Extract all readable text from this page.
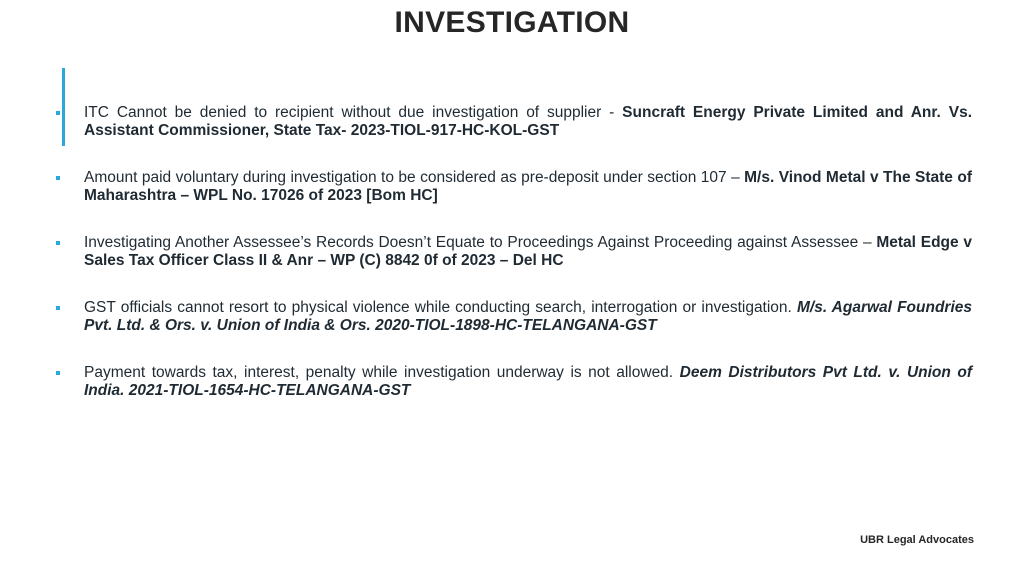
INVESTIGATION
ITC Cannot be denied to recipient without due investigation of supplier - Suncraft Energy Private Limited and Anr. Vs. Assistant Commissioner, State Tax- 2023-TIOL-917-HC-KOL-GST
Amount paid voluntary during investigation to be considered as pre-deposit under section 107 – M/s. Vinod Metal v The State of Maharashtra – WPL No. 17026 of 2023 [Bom HC]
Investigating Another Assessee’s Records Doesn’t Equate to Proceedings Against Proceeding against Assessee – Metal Edge v Sales Tax Officer Class II & Anr – WP (C) 8842 0f of 2023 – Del HC
GST officials cannot resort to physical violence while conducting search, interrogation or investigation. M/s. Agarwal Foundries Pvt. Ltd. & Ors. v. Union of India & Ors. 2020-TIOL-1898-HC-TELANGANA-GST
Payment towards tax, interest, penalty while investigation underway is not allowed. Deem Distributors Pvt Ltd. v. Union of India. 2021-TIOL-1654-HC-TELANGANA-GST
UBR Legal Advocates
